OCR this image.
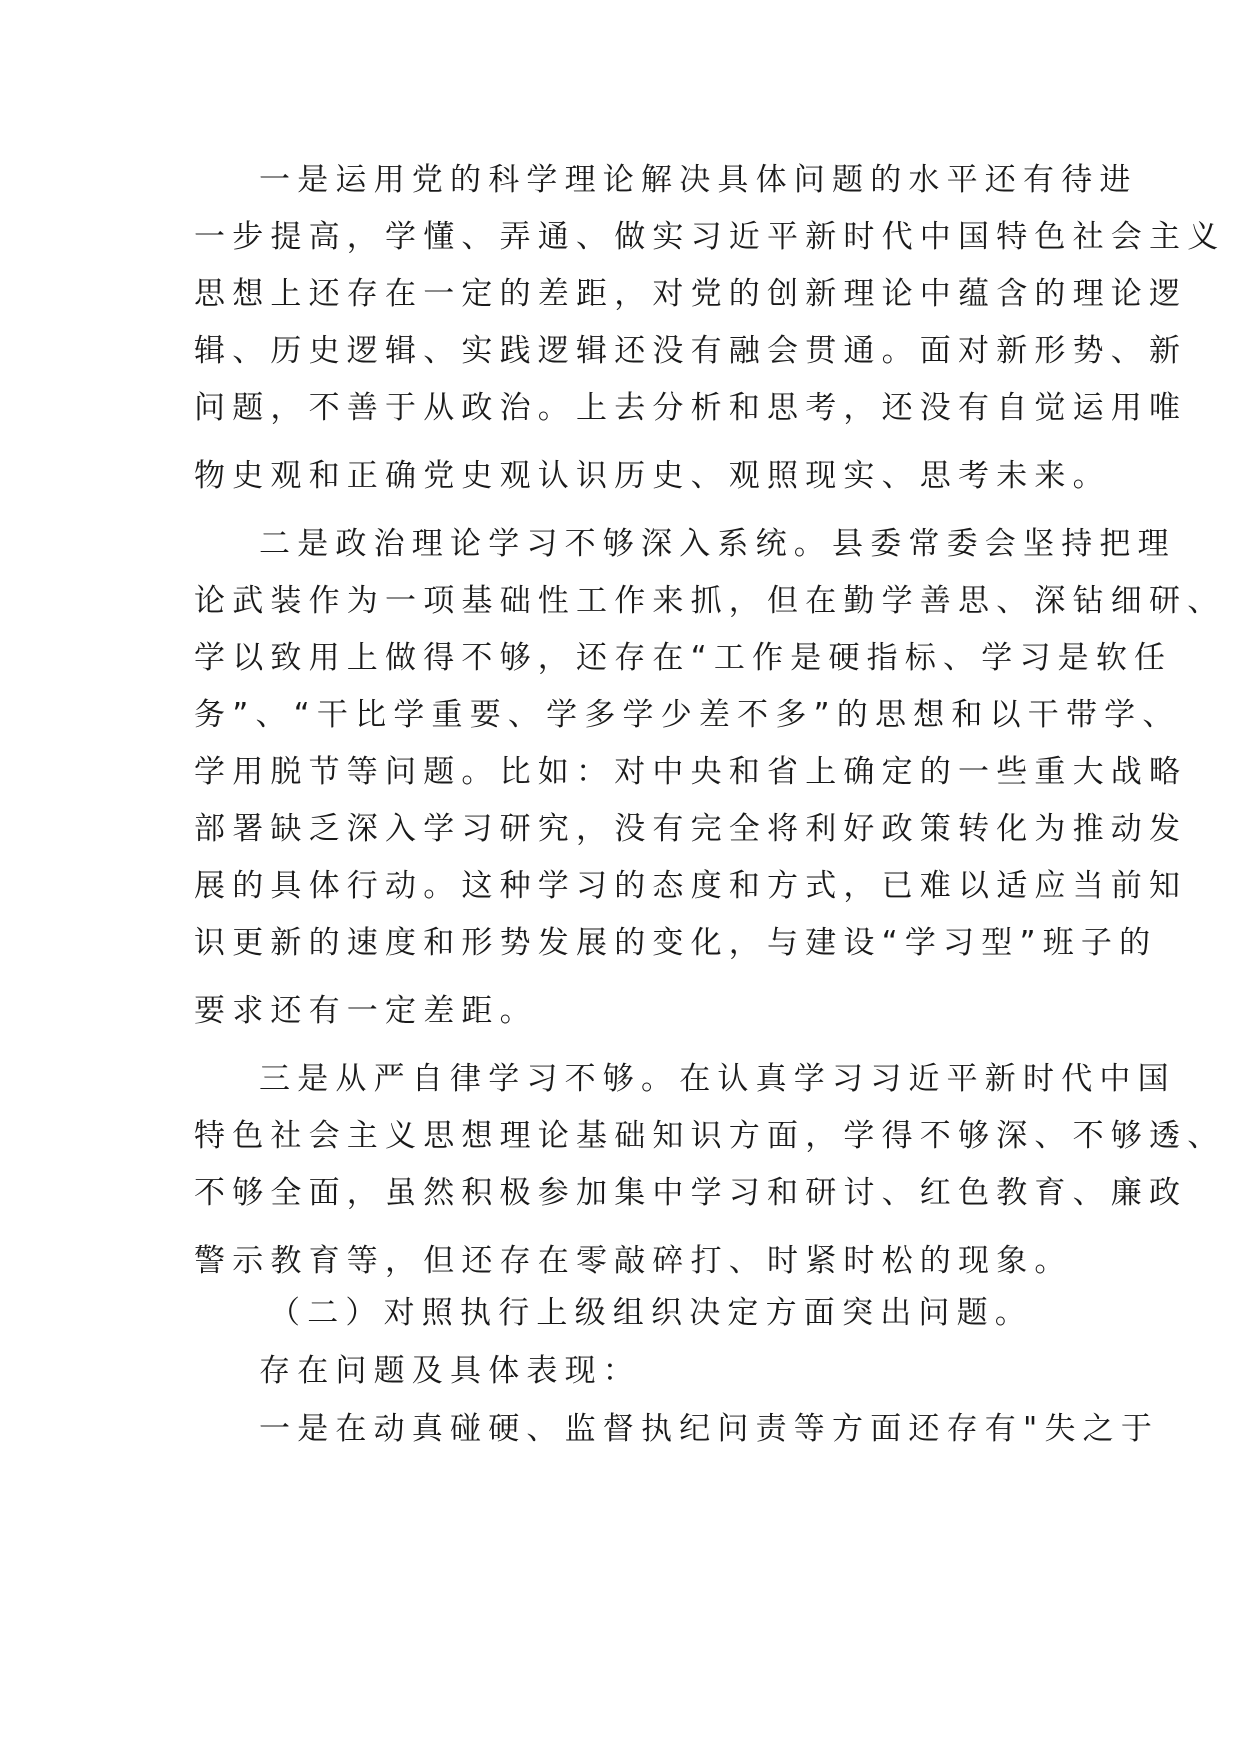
一是运用党的科学理论解决具体问题的水平还有待进
一步提高，学懂、弄通、做实习近平新时代中国特色社会主义
思想上还存在一定的差距，对党的创新理论中蕴含的理论逻
辑、历史逻辑、实践逻辑还没有融会贯通。面对新形势、新
问题，不善于从政治。上去分析和思考，还没有自觉运用唯
物史观和正确党史观认识历史、观照现实、思考未来。
二是政治理论学习不够深入系统。县委常委会坚持把理
论武装作为一项基础性工作来抓，但在勤学善思、深钻细研、
学以致用上做得不够，还存在“工作是硬指标、学习是软任
务”、“干比学重要、学多学少差不多”的思想和以干带学、
学用脱节等问题。比如：对中央和省上确定的一些重大战略
部署缺乏深入学习研究，没有完全将利好政策转化为推动发
展的具体行动。这种学习的态度和方式，已难以适应当前知
识更新的速度和形势发展的变化，与建设“学习型”班子的
要求还有一定差距。
三是从严自律学习不够。在认真学习习近平新时代中国
特色社会主义思想理论基础知识方面，学得不够深、不够透、
不够全面，虽然积极参加集中学习和研讨、红色教育、廉政
警示教育等，但还存在零敲碎打、时紧时松的现象。
（二）对照执行上级组织决定方面突出问题。
存在问题及具体表现：
一是在动真碰硬、监督执纪问责等方面还存有"失之于
